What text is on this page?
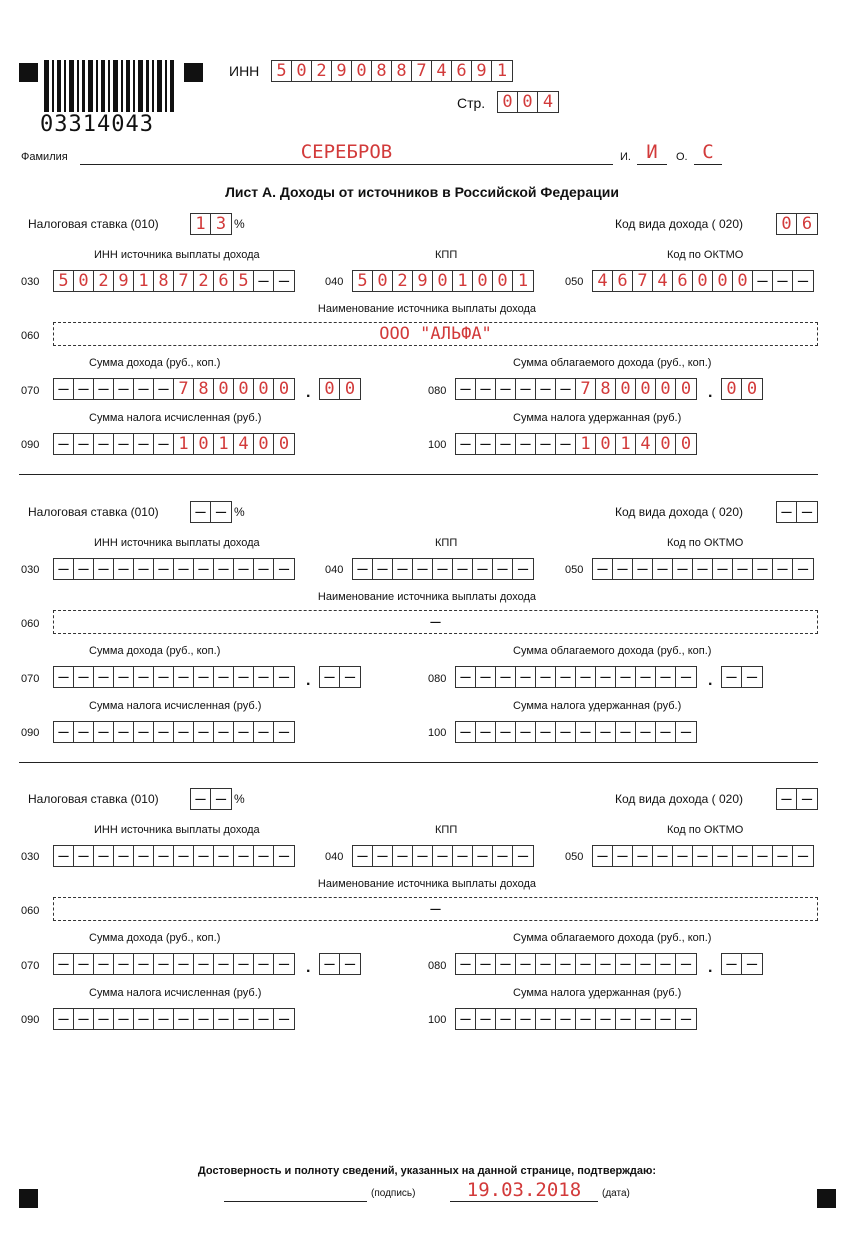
03314043
ИНН 5 0 2 9 0 8 8 7 4 6 9 1
Стр. 0 0 4
Фамилия	СЕРЕБРОВ	И. И	О. С
Лист А. Доходы от источников в Российской Федерации
Налоговая ставка (010) 1 3 %	Код вида дохода ( 020) 0 6
ИНН источника выплаты дохода	КПП	Код по ОКТМО
030 5 0 2 9 1 8 7 2 6 5 – –	040 5 0 2 9 0 1 0 0 1	050 4 6 7 4 6 0 0 0 – – –
Наименование источника выплаты дохода
060	ООО "АЛЬФА"
Сумма дохода (руб., коп.)	Сумма облагаемого дохода (руб., коп.)
070 – – – – – – 7 8 0 0 0 0	. 0 0	080 – – – – – – 7 8 0 0 0 0	. 0 0
Сумма налога исчисленная (руб.)	Сумма налога удержанная (руб.)
090 – – – – – – 1 0 1 4 0 0	100 – – – – – – 1 0 1 4 0 0
Налоговая ставка (010) – – %	Код вида дохода ( 020) – –
ИНН источника выплаты дохода	КПП	Код по ОКТМО
030 – – – – – – – – – – – –	040 – – – – – – – – –	050 – – – – – – – – – – –
Наименование источника выплаты дохода
060	–
Сумма дохода (руб., коп.)	Сумма облагаемого дохода (руб., коп.)
070 – – – – – – – – – – – –	. – –	080 – – – – – – – – – – – –	. – –
Сумма налога исчисленная (руб.)	Сумма налога удержанная (руб.)
090 – – – – – – – – – – – –	100 – – – – – – – – – – – –
Налоговая ставка (010) – – %	Код вида дохода ( 020) – –
ИНН источника выплаты дохода	КПП	Код по ОКТМО
030 – – – – – – – – – – – –	040 – – – – – – – – –	050 – – – – – – – – – – –
Наименование источника выплаты дохода
060	–
Сумма дохода (руб., коп.)	Сумма облагаемого дохода (руб., коп.)
070 – – – – – – – – – – – –	. – –	080 – – – – – – – – – – – –	. – –
Сумма налога исчисленная (руб.)	Сумма налога удержанная (руб.)
090 – – – – – – – – – – – –	100 – – – – – – – – – – – –
Достоверность и полноту сведений, указанных на данной странице, подтверждаю:
(подпись)	19.03.2018	(дата)
